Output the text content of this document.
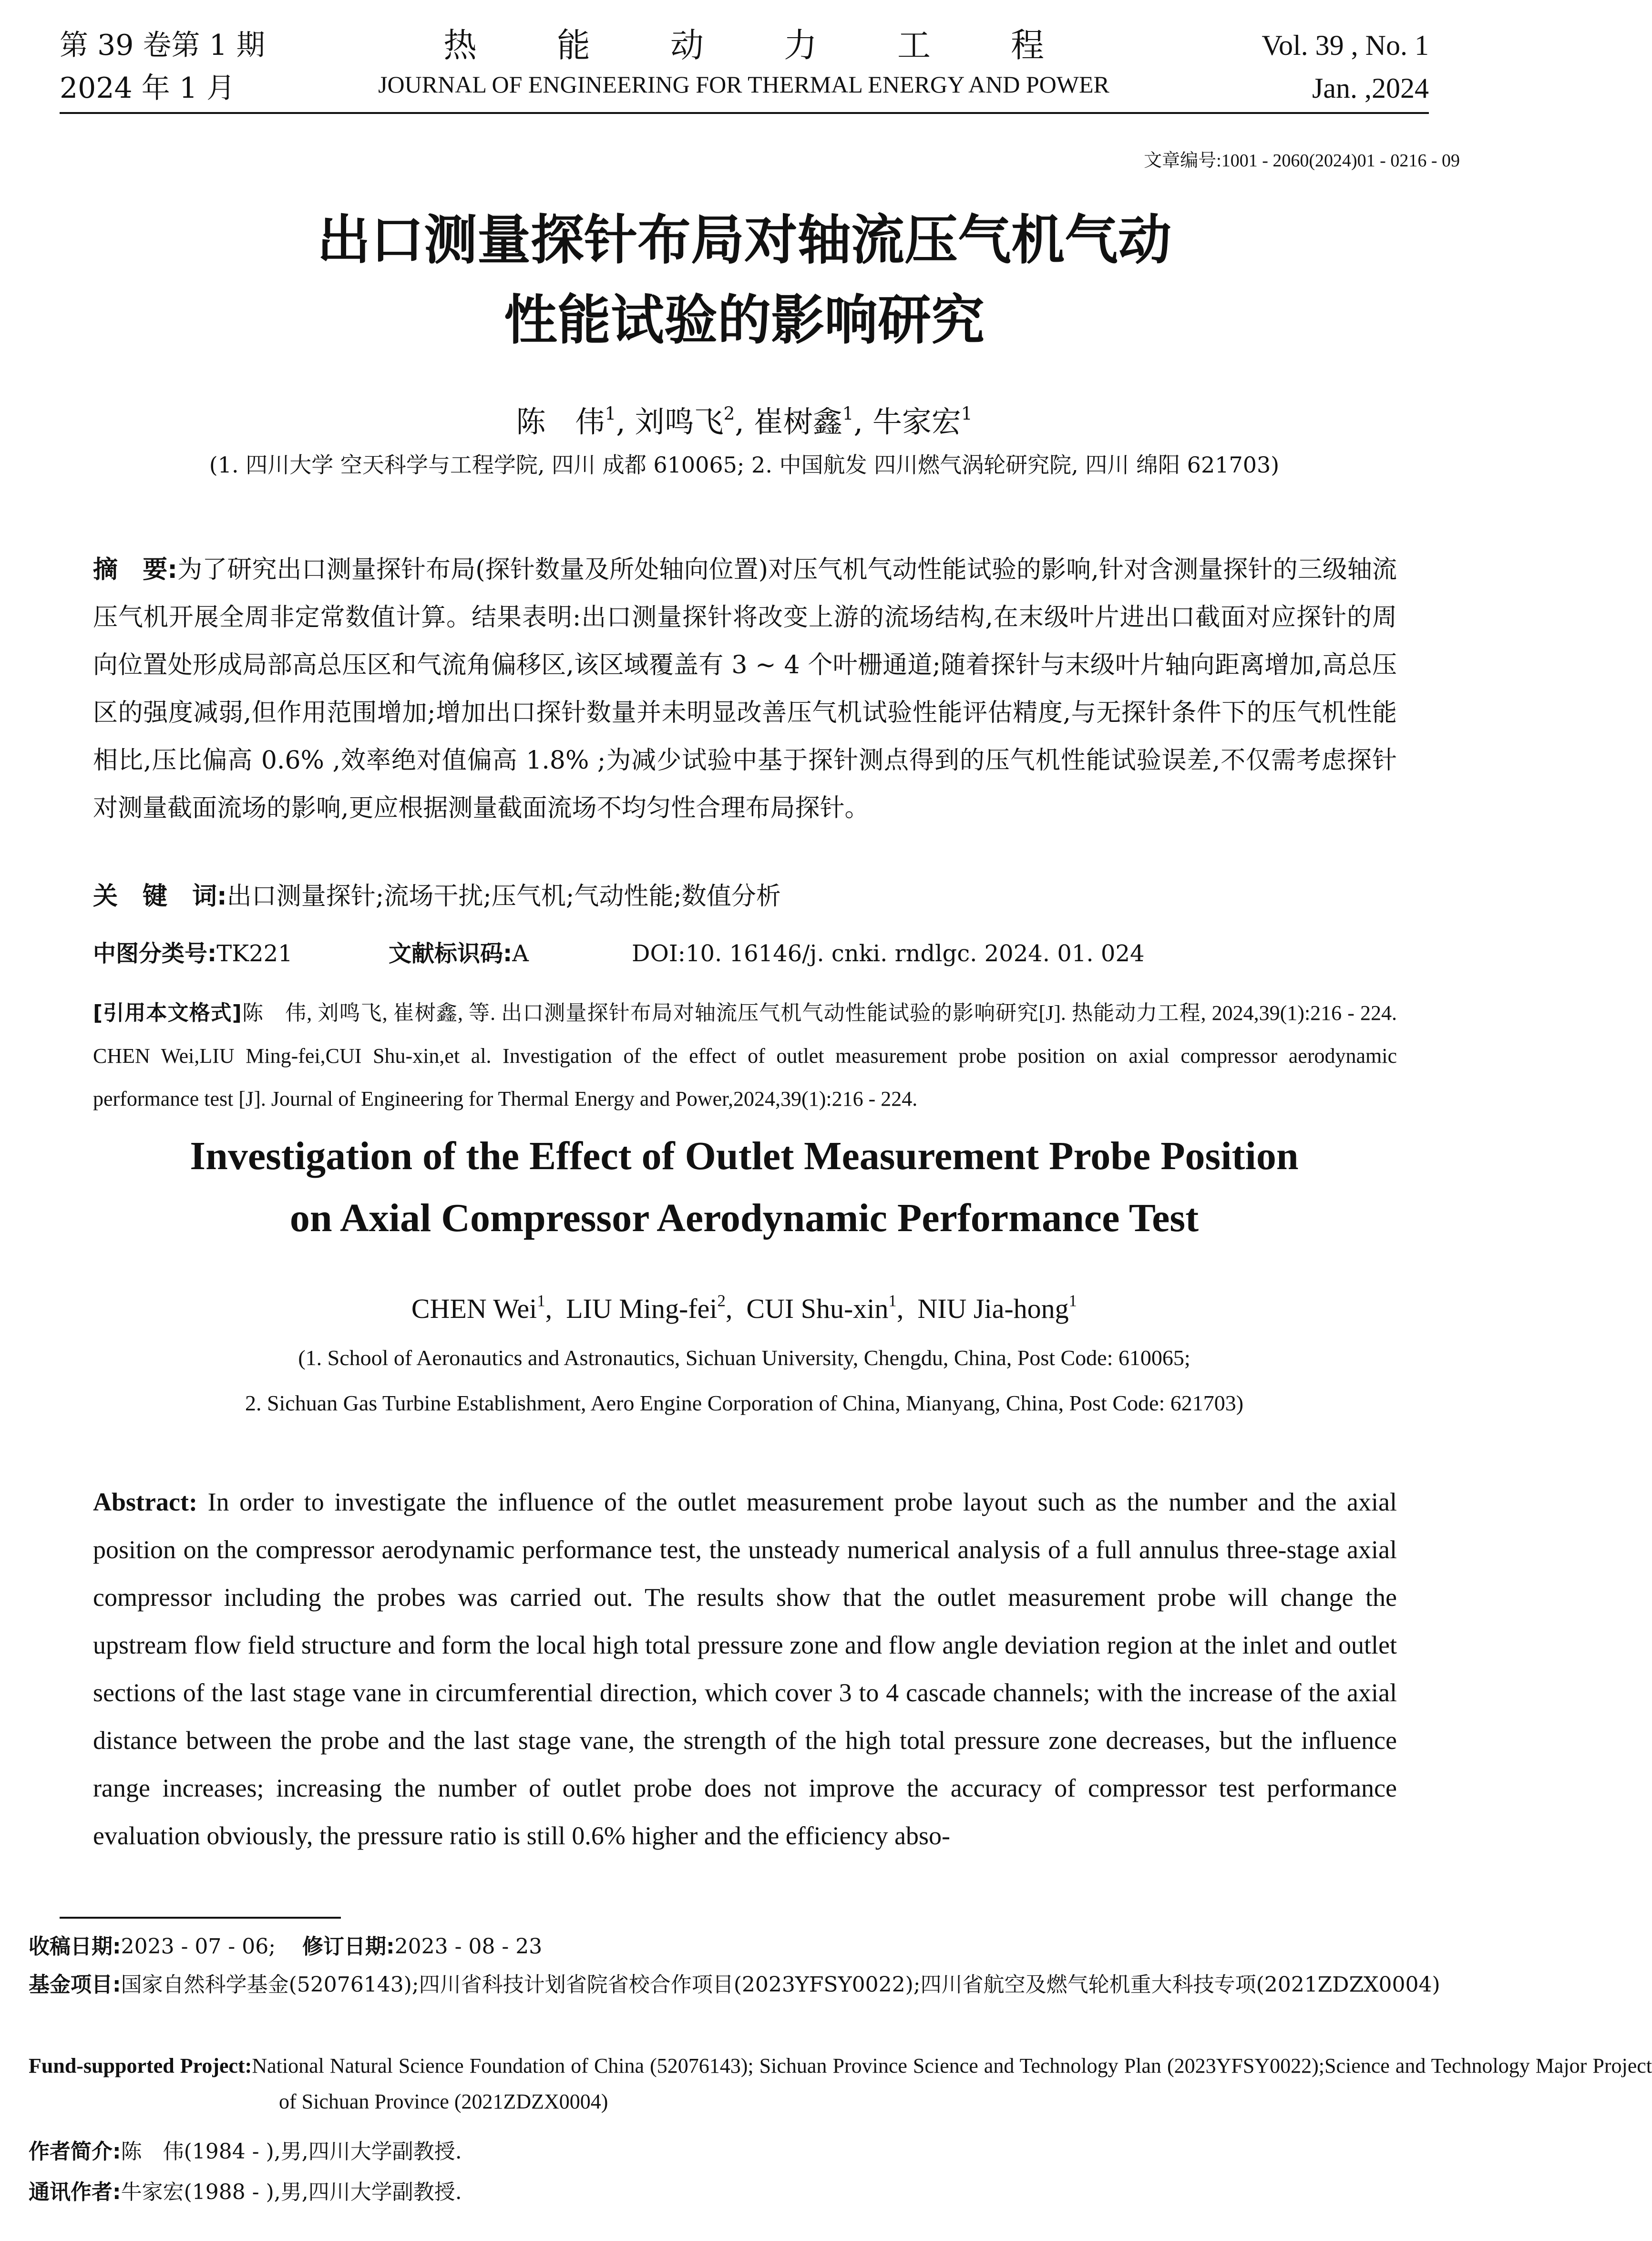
第 39 卷第 1 期
2024 年 1 月
热能动力工程
JOURNAL OF ENGINEERING FOR THERMAL ENERGY AND POWER
Vol. 39 , No. 1
Jan. ,2024
文章编号:1001 - 2060(2024)01 - 0216 - 09
出口测量探针布局对轴流压气机气动
性能试验的影响研究
陈　伟$^1$, 刘鸣飞$^2$, 崔树鑫$^1$, 牛家宏$^1$
(1. 四川大学 空天科学与工程学院, 四川 成都 610065; 2. 中国航发 四川燃气涡轮研究院, 四川 绵阳 621703)
摘　要:为了研究出口测量探针布局(探针数量及所处轴向位置)对压气机气动性能试验的影响,针对含测量探针的三级轴流压气机开展全周非定常数值计算。结果表明:出口测量探针将改变上游的流场结构,在末级叶片进出口截面对应探针的周向位置处形成局部高总压区和气流角偏移区,该区域覆盖有 3 ~ 4 个叶栅通道;随着探针与末级叶片轴向距离增加,高总压区的强度减弱,但作用范围增加;增加出口探针数量并未明显改善压气机试验性能评估精度,与无探针条件下的压气机性能相比,压比偏高 0.6% ,效率绝对值偏高 1.8% ;为减少试验中基于探针测点得到的压气机性能试验误差,不仅需考虑探针对测量截面流场的影响,更应根据测量截面流场不均匀性合理布局探针。
关　键　词:出口测量探针;流场干扰;压气机;气动性能;数值分析
中图分类号:TK221	文献标识码:A	DOI:10. 16146/j. cnki. rndlgc. 2024. 01. 024
[引用本文格式]陈　伟, 刘鸣飞, 崔树鑫, 等. 出口测量探针布局对轴流压气机气动性能试验的影响研究[J]. 热能动力工程, 2024,39(1):216 - 224. CHEN Wei,LIU Ming-fei,CUI Shu-xin,et al. Investigation of the effect of outlet measurement probe position on axial compressor aerodynamic performance test [J]. Journal of Engineering for Thermal Energy and Power,2024,39(1):216 - 224.
Investigation of the Effect of Outlet Measurement Probe Position
on Axial Compressor Aerodynamic Performance Test
CHEN Wei$^1$,  LIU Ming-fei$^2$,  CUI Shu-xin$^1$,  NIU Jia-hong$^1$
(1. School of Aeronautics and Astronautics, Sichuan University, Chengdu, China, Post Code: 610065;
2. Sichuan Gas Turbine Establishment, Aero Engine Corporation of China, Mianyang, China, Post Code: 621703)
Abstract: In order to investigate the influence of the outlet measurement probe layout such as the number and the axial position on the compressor aerodynamic performance test, the unsteady numerical analysis of a full annulus three-stage axial compressor including the probes was carried out. The results show that the outlet measurement probe will change the upstream flow field structure and form the local high total pressure zone and flow angle deviation region at the inlet and outlet sections of the last stage vane in circumferential direction, which cover 3 to 4 cascade channels; with the increase of the axial distance between the probe and the last stage vane, the strength of the high total pressure zone decreases, but the influence range increases; increasing the number of outlet probe does not improve the accuracy of compressor test performance evaluation obviously, the pressure ratio is still 0.6% higher and the efficiency abso-
收稿日期:2023 - 07 - 06; 修订日期:2023 - 08 - 23
基金项目:国家自然科学基金(52076143);四川省科技计划省院省校合作项目(2023YFSY0022);四川省航空及燃气轮机重大科技专项(2021ZDZX0004)
Fund-supported Project:National Natural Science Foundation of China (52076143); Sichuan Province Science and Technology Plan (2023YFSY0022);Science and Technology Major Project of Sichuan Province (2021ZDZX0004)
作者简介:陈　伟(1984 - ),男,四川大学副教授.
通讯作者:牛家宏(1988 - ),男,四川大学副教授.
